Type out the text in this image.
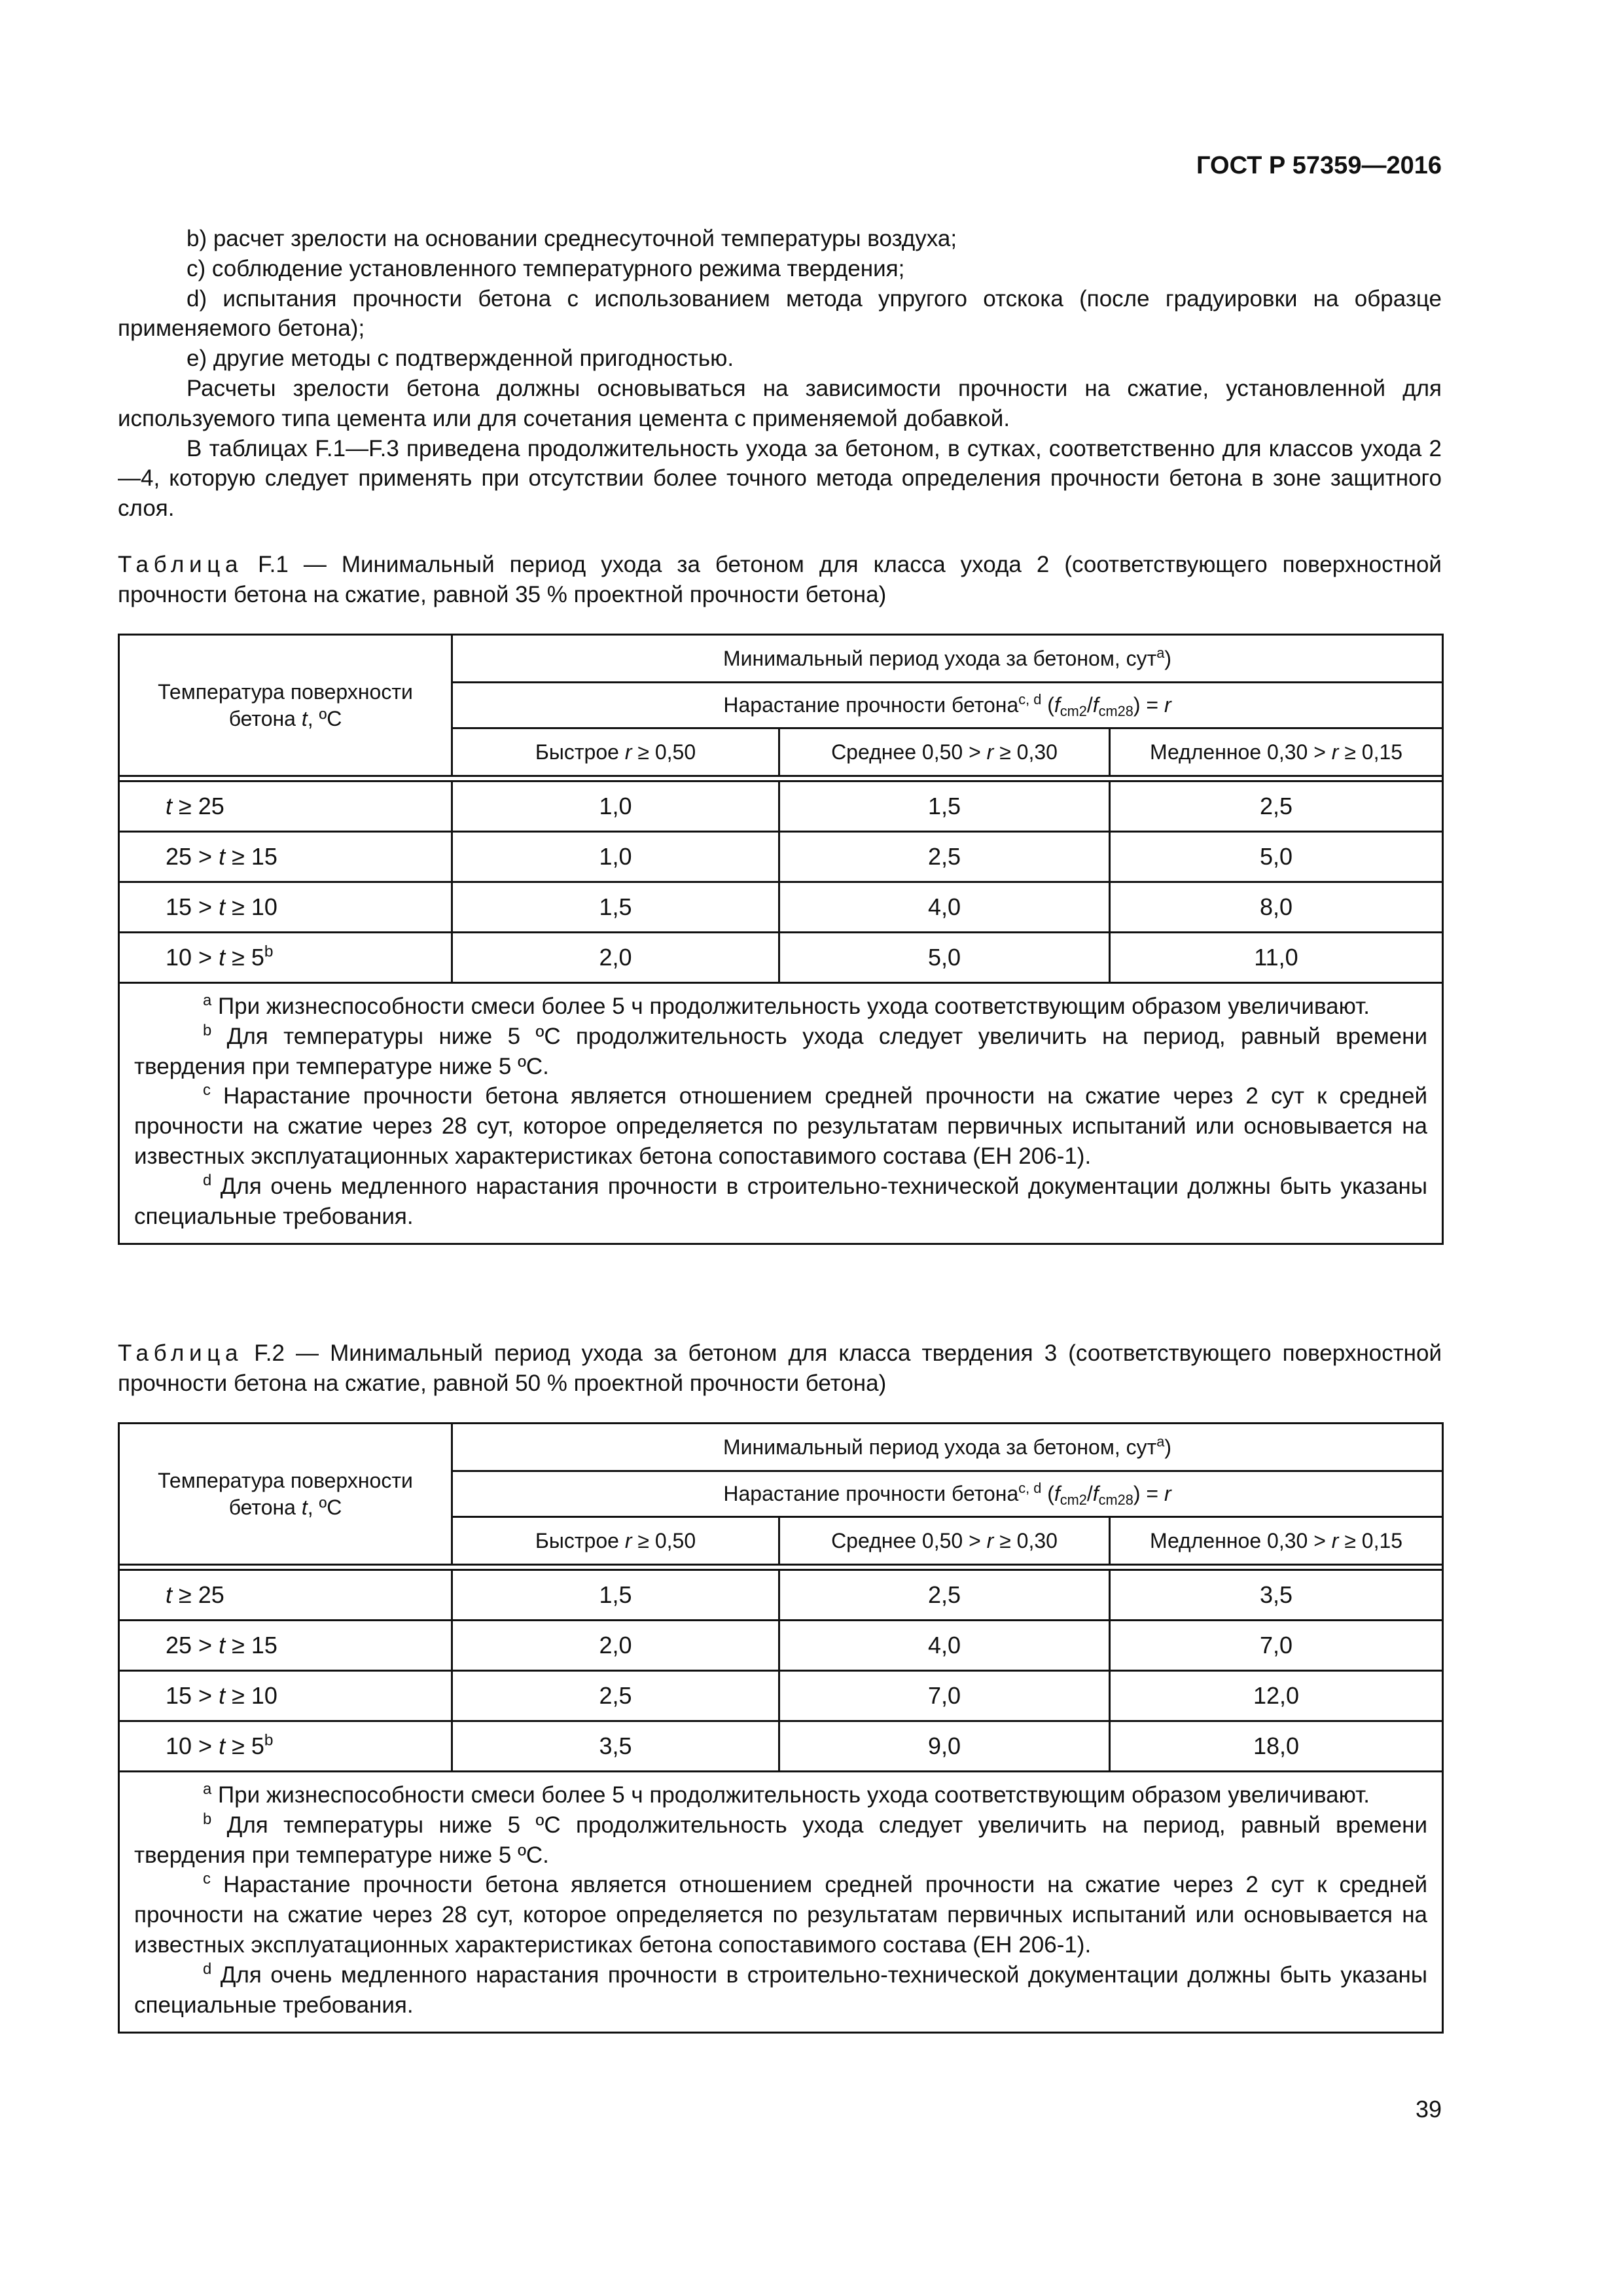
ГОСТ Р 57359—2016

b) расчет зрелости на основании среднесуточной температуры воздуха;

c) соблюдение установленного температурного режима твердения;

d) испытания прочности бетона с использованием метода упругого отскока (после градуировки на образце применяемого бетона);

e) другие методы с подтвержденной пригодностью.

Расчеты зрелости бетона должны основываться на зависимости прочности на сжатие, установленной для используемого типа цемента или для сочетания цемента с применяемой добавкой.

В таблицах F.1—F.3 приведена продолжительность ухода за бетоном, в сутках, соответственно для классов ухода 2—4, которую следует применять при отсутствии более точного метода определения прочности бетона в зоне защитного слоя.

Таблица F.1 — Минимальный период ухода за бетоном для класса ухода 2 (соответствующего поверхностной прочности бетона на сжатие, равной 35 % проектной прочности бетона)
Температура поверхности
бетона t, ºС	Минимальный период ухода за бетоном, сут$^a$)		
	Нарастание прочности бетона$^{c, d}$ $(f_{cm2}/f_{cm28}) = r$		
	Быстрое r ≥ 0,50	Среднее 0,50 > r ≥ 0,30	Медленное 0,30 > r ≥ 0,15

t ≥ 25	1,0	1,5	2,5
25 > t ≥ 15	1,0	2,5	5,0
15 > t ≥ 10	1,5	4,0	8,0
$10 > t \ge 5^b$	2,0	5,0	11,0

$^a$ При жизнеспособности смеси более 5 ч продолжительность ухода соответствующим образом увеличивают.

$^b$ Для температуры ниже 5 ºС продолжительность ухода следует увеличить на период, равный времени твердения при температуре ниже 5 ºС.

$^c$ Нарастание прочности бетона является отношением средней прочности на сжатие через 2 сут к средней прочности на сжатие через 28 сут, которое определяется по результатам первичных испытаний или основывается на известных эксплуатационных характеристиках бетона сопоставимого состава (ЕН 206-1).

$^d$ Для очень медленного нарастания прочности в строительно-технической документации должны быть указаны специальные требования.			

Таблица F.2 — Минимальный период ухода за бетоном для класса твердения 3 (соответствующего поверхностной прочности бетона на сжатие, равной 50 % проектной прочности бетона)
Температура поверхности
бетона t, ºС	Минимальный период ухода за бетоном, сут$^a$)		
	Нарастание прочности бетона$^{c, d}$ $(f_{cm2}/f_{cm28}) = r$		
	Быстрое r ≥ 0,50	Среднее 0,50 > r ≥ 0,30	Медленное 0,30 > r ≥ 0,15

t ≥ 25	1,5	2,5	3,5
25 > t ≥ 15	2,0	4,0	7,0
15 > t ≥ 10	2,5	7,0	12,0
$10 > t \ge 5^b$	3,5	9,0	18,0

$^a$ При жизнеспособности смеси более 5 ч продолжительность ухода соответствующим образом увеличивают.

$^b$ Для температуры ниже 5 ºС продолжительность ухода следует увеличить на период, равный времени твердения при температуре ниже 5 ºС.

$^c$ Нарастание прочности бетона является отношением средней прочности на сжатие через 2 сут к средней прочности на сжатие через 28 сут, которое определяется по результатам первичных испытаний или основывается на известных эксплуатационных характеристиках бетона сопоставимого состава (ЕН 206-1).

$^d$ Для очень медленного нарастания прочности в строительно-технической документации должны быть указаны специальные требования.			

39
